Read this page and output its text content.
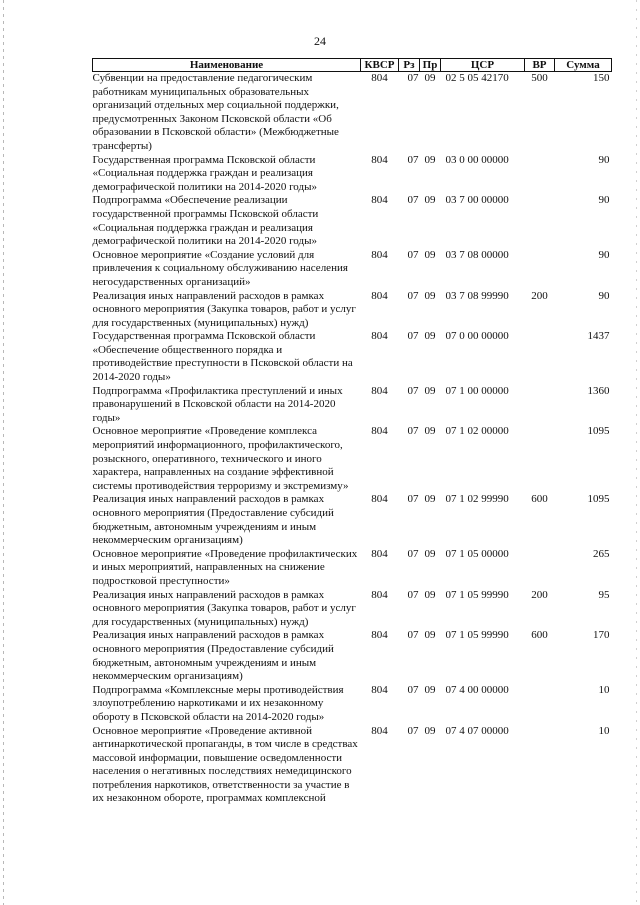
24
Наименование	КВСР	Рз	Пр	ЦСР	ВР	Сумма
Субвенции на предоставление педагогическим работникам муниципальных образовательных организаций отдельных мер социальной поддержки, предусмотренных Законом Псковской области «Об образовании в Псковской области» (Межбюджетные трансферты)	804	07	09	02 5 05 42170	500	150
Государственная программа Псковской области «Социальная поддержка граждан и реализация демографической политики на 2014-2020 годы»	804	07	09	03 0 00 00000		90
Подпрограмма «Обеспечение реализации государственной программы Псковской области «Социальная поддержка граждан и реализация демографической политики на 2014-2020 годы»	804	07	09	03 7 00 00000		90
Основное мероприятие «Создание условий для привлечения к социальному обслуживанию населения негосударственных организаций»	804	07	09	03 7 08 00000		90
Реализация иных направлений расходов в рамках основного мероприятия (Закупка товаров, работ и услуг для государственных (муниципальных) нужд)	804	07	09	03 7 08 99990	200	90
Государственная программа Псковской области «Обеспечение общественного порядка и противодействие преступности в Псковской области на 2014-2020 годы»	804	07	09	07 0 00 00000		1437
Подпрограмма «Профилактика преступлений и иных правонарушений в Псковской области на 2014-2020 годы»	804	07	09	07 1 00 00000		1360
Основное мероприятие «Проведение комплекса мероприятий информационного, профилактического, розыскного, оперативного, технического и иного характера, направленных на создание эффективной системы противодействия терроризму и экстремизму»	804	07	09	07 1 02 00000		1095
Реализация иных направлений расходов в рамках основного мероприятия (Предоставление субсидий бюджетным, автономным учреждениям и иным некоммерческим организациям)	804	07	09	07 1 02 99990	600	1095
Основное мероприятие «Проведение профилактических и иных мероприятий, направленных на снижение подростковой преступности»	804	07	09	07 1 05 00000		265
Реализация иных направлений расходов в рамках основного мероприятия (Закупка товаров, работ и услуг для государственных (муниципальных) нужд)	804	07	09	07 1 05 99990	200	95
Реализация иных направлений расходов в рамках основного мероприятия (Предоставление субсидий бюджетным, автономным учреждениям и иным некоммерческим организациям)	804	07	09	07 1 05 99990	600	170
Подпрограмма «Комплексные меры противодействия злоупотреблению наркотиками и их незаконному обороту в Псковской области на 2014-2020 годы»	804	07	09	07 4 00 00000		10
Основное мероприятие «Проведение активной антинаркотической пропаганды, в том числе в средствах массовой информации, повышение осведомленности населения о негативных последствиях немедицинского потребления наркотиков, ответственности за участие в их незаконном обороте, программах комплексной	804	07	09	07 4 07 00000		10
